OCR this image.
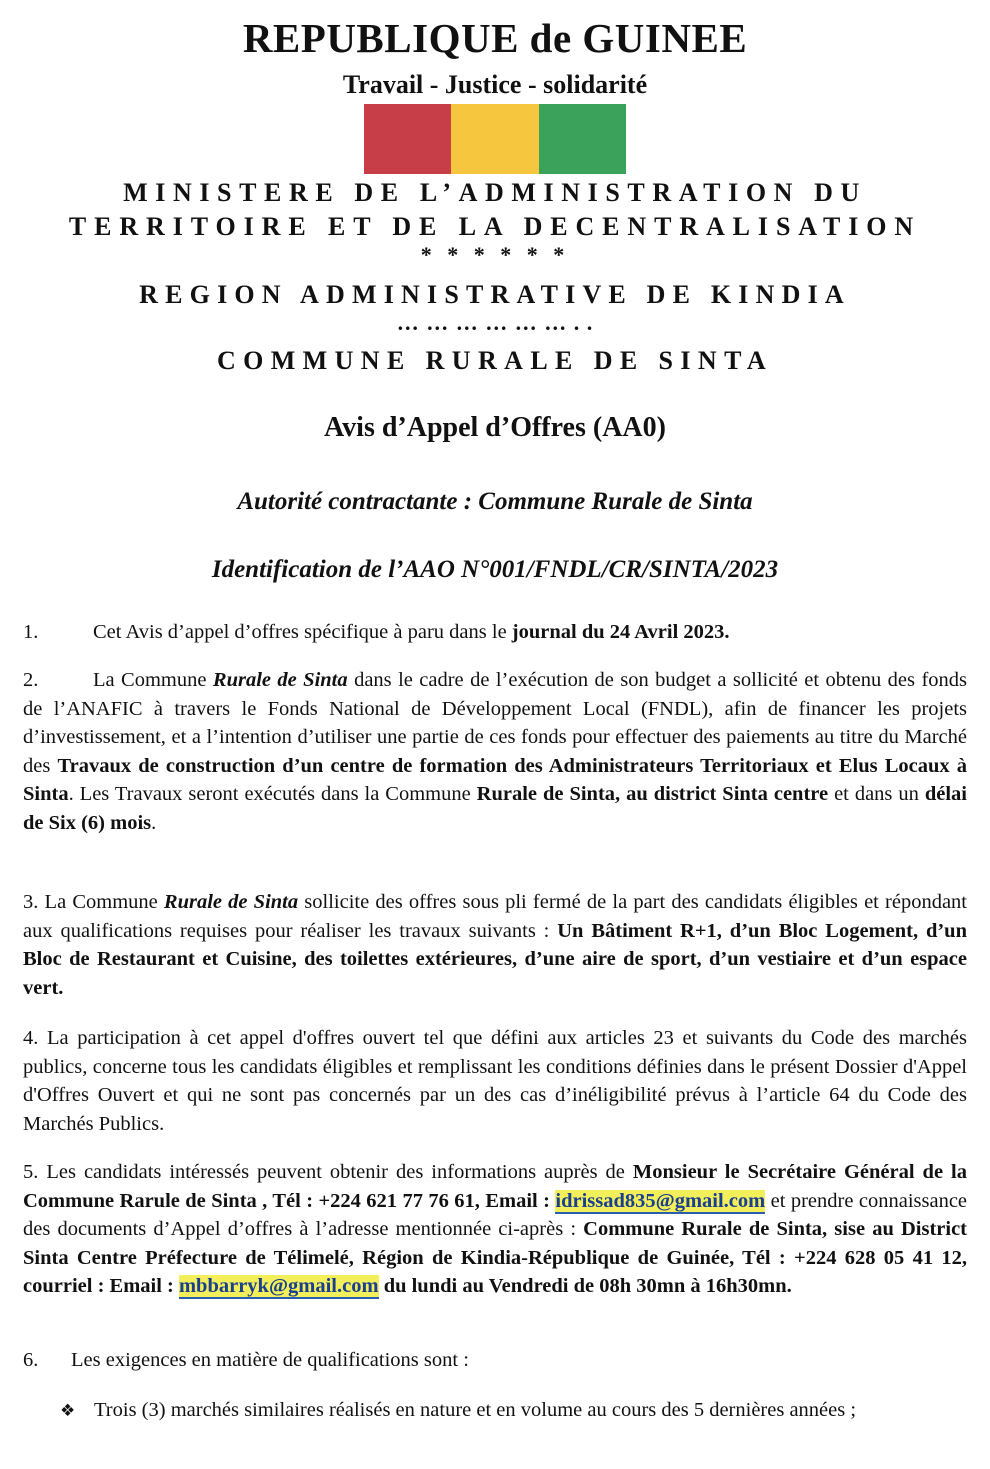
REPUBLIQUE de GUINEE
Travail - Justice - solidarité
MINISTERE DE L’ADMINISTRATION DU
TERRITOIRE ET DE LA DECENTRALISATION
* * * * * *
REGION ADMINISTRATIVE DE KINDIA
… … … … … … . .
COMMUNE RURALE DE SINTA
Avis d’Appel d’Offres (AA0)
Autorité contractante : Commune Rurale de Sinta
Identification de l’AAO N°001/FNDL/CR/SINTA/2023
1.	Cet Avis d’appel d’offres spécifique à paru dans le journal du 24 Avril 2023.
2.	La Commune Rurale de Sinta dans le cadre de l’exécution de son budget a sollicité et obtenu des fonds de l’ANAFIC à travers le Fonds National de Développement Local (FNDL), afin de financer les projets d’investissement, et a l’intention d’utiliser une partie de ces fonds pour effectuer des paiements au titre du Marché des Travaux de construction d’un centre de formation des Administrateurs Territoriaux et Elus Locaux à Sinta. Les Travaux seront exécutés dans la Commune Rurale de Sinta, au district Sinta centre et dans un délai de Six (6) mois.
3. La Commune Rurale de Sinta sollicite des offres sous pli fermé de la part des candidats éligibles et répondant aux qualifications requises pour réaliser les travaux suivants : Un Bâtiment R+1, d’un Bloc Logement, d’un Bloc de Restaurant et Cuisine, des toilettes extérieures, d’une aire de sport, d’un vestiaire et d’un espace vert.
4. La participation à cet appel d'offres ouvert tel que défini aux articles 23 et suivants du Code des marchés publics, concerne tous les candidats éligibles et remplissant les conditions définies dans le présent Dossier d'Appel d'Offres Ouvert et qui ne sont pas concernés par un des cas d’inéligibilité prévus à l’article 64 du Code des Marchés Publics.
5. Les candidats intéressés peuvent obtenir des informations auprès de Monsieur le Secrétaire Général de la Commune Rarule de Sinta , Tél : +224 621 77 76 61, Email : idrissad835@gmail.com et prendre connaissance des documents d’Appel d’offres à l’adresse mentionnée ci-après : Commune Rurale de Sinta, sise au District Sinta Centre Préfecture de Télimelé, Région de Kindia-République de Guinée, Tél : +224 628 05 41 12, courriel : Email : mbbarryk@gmail.com du lundi au Vendredi de 08h 30mn à 16h30mn.
6. Les exigences en matière de qualifications sont :
❖ Trois (3) marchés similaires réalisés en nature et en volume au cours des 5 dernières années ;
